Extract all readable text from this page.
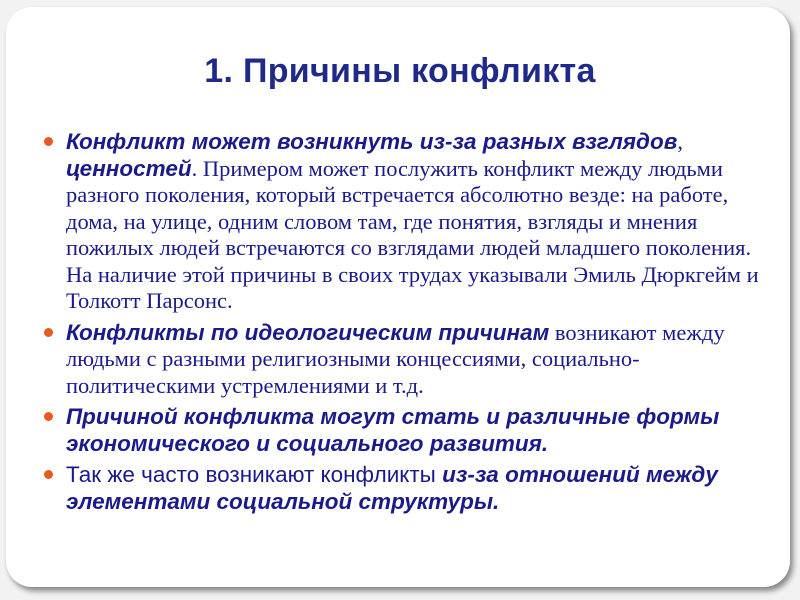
1. Причины конфликта
Конфликт может возникнуть из-за разных взглядов, ценностей. Примером может послужить конфликт между людьми разного поколения, который встречается абсолютно везде: на работе, дома, на улице, одним словом там, где понятия, взгляды и мнения пожилых людей встречаются со взглядами людей младшего поколения. На наличие этой причины в своих трудах указывали Эмиль Дюркгейм и Толкотт Парсонс.
Конфликты по идеологическим причинам возникают между людьми с разными религиозными концессиями, социально-политическими устремлениями и т.д.
Причиной конфликта могут стать и различные формы экономического и социального развития.
Так же часто возникают конфликты из-за отношений между элементами социальной структуры.
